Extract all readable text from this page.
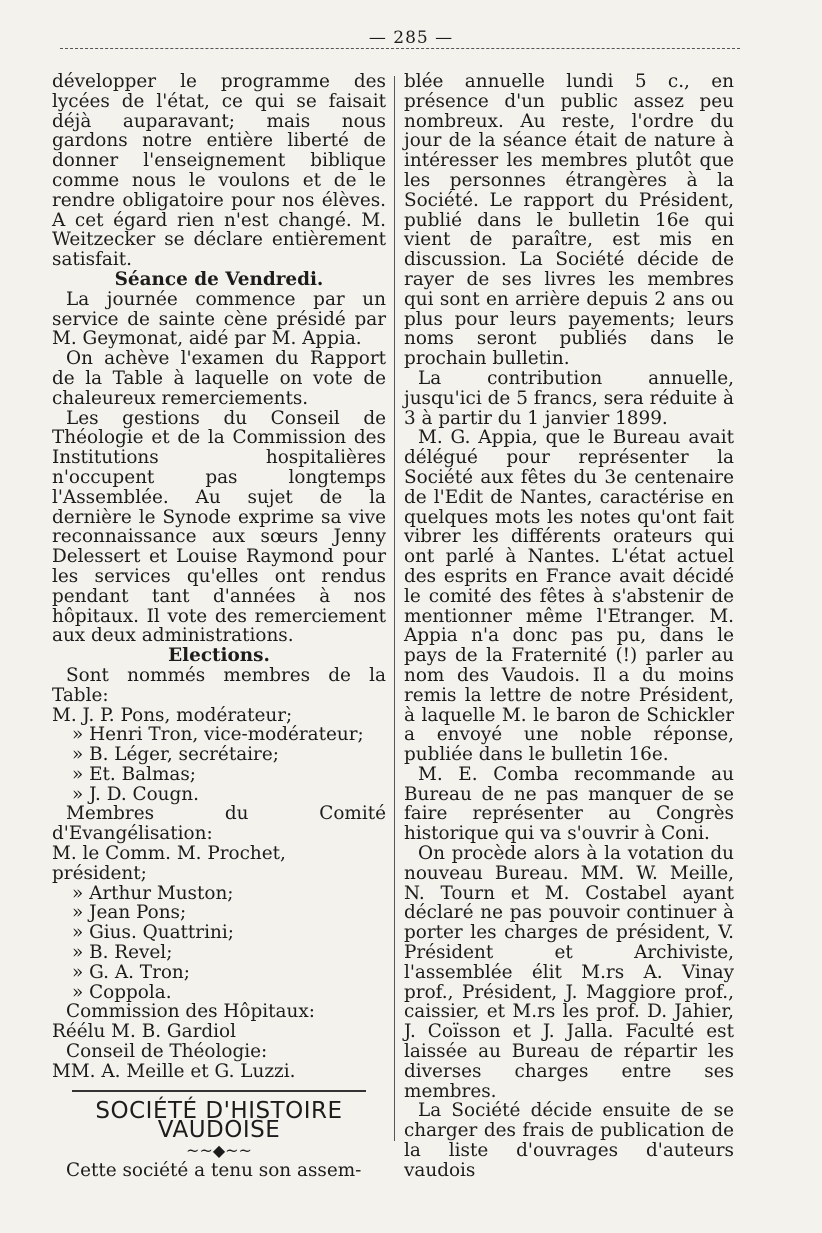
— 285 —

développer le programme des lycées de l'état, ce qui se faisait déjà auparavant; mais nous gardons notre entière liberté de donner l'enseignement biblique comme nous le voulons et de le rendre obligatoire pour nos élèves. A cet égard rien n'est changé. M. Weitzecker se déclare entièrement satisfait.

Séance de Vendredi.

La journée commence par un service de sainte cène présidé par M. Geymonat, aidé par M. Appia.

On achève l'examen du Rapport de la Table à laquelle on vote de chaleureux remerciements.

Les gestions du Conseil de Théologie et de la Commission des Institutions hospitalières n'occupent pas longtemps l'Assemblée. Au sujet de la dernière le Synode exprime sa vive reconnaissance aux sœurs Jenny Delessert et Louise Raymond pour les services qu'elles ont rendus pendant tant d'années à nos hôpitaux. Il vote des remerciement aux deux administrations.

Elections.

Sont nommés membres de la Table:

M. J. P. Pons, modérateur;
» Henri Tron, vice-modérateur;
» B. Léger, secrétaire;
» Et. Balmas;
» J. D. Cougn.

Membres du Comité d'Evangélisation:

M. le Comm. M. Prochet, président;
» Arthur Muston;
» Jean Pons;
» Gius. Quattrini;
» B. Revel;
» G. A. Tron;
» Coppola.

Commission des Hôpitaux:

Réélu M. B. Gardiol

Conseil de Théologie:

MM. A. Meille et G. Luzzi.

SOCIÉTÉ D'HISTOIRE VAUDOISE

~~◆~~

Cette société a tenu son assem-

blée annuelle lundi 5 c., en présence d'un public assez peu nombreux. Au reste, l'ordre du jour de la séance était de nature à intéresser les membres plutôt que les personnes étrangères à la Société. Le rapport du Président, publié dans le bulletin 16e qui vient de paraître, est mis en discussion. La Société décide de rayer de ses livres les membres qui sont en arrière depuis 2 ans ou plus pour leurs payements; leurs noms seront publiés dans le prochain bulletin.

La contribution annuelle, jusqu'ici de 5 francs, sera réduite à 3 à partir du 1 janvier 1899.

M. G. Appia, que le Bureau avait délégué pour représenter la Société aux fêtes du 3e centenaire de l'Edit de Nantes, caractérise en quelques mots les notes qu'ont fait vibrer les différents orateurs qui ont parlé à Nantes. L'état actuel des esprits en France avait décidé le comité des fêtes à s'abstenir de mentionner même l'Etranger. M. Appia n'a donc pas pu, dans le pays de la Fraternité (!) parler au nom des Vaudois. Il a du moins remis la lettre de notre Président, à laquelle M. le baron de Schickler a envoyé une noble réponse, publiée dans le bulletin 16e.

M. E. Comba recommande au Bureau de ne pas manquer de se faire représenter au Congrès historique qui va s'ouvrir à Coni.

On procède alors à la votation du nouveau Bureau. MM. W. Meille, N. Tourn et M. Costabel ayant déclaré ne pas pouvoir continuer à porter les charges de président, V. Président et Archiviste, l'assemblée élit M.rs A. Vinay prof., Président, J. Maggiore prof., caissier, et M.rs les prof. D. Jahier, J. Coïsson et J. Jalla. Faculté est laissée au Bureau de répartir les diverses charges entre ses membres.

La Société décide ensuite de se charger des frais de publication de la liste d'ouvrages d'auteurs vaudois
